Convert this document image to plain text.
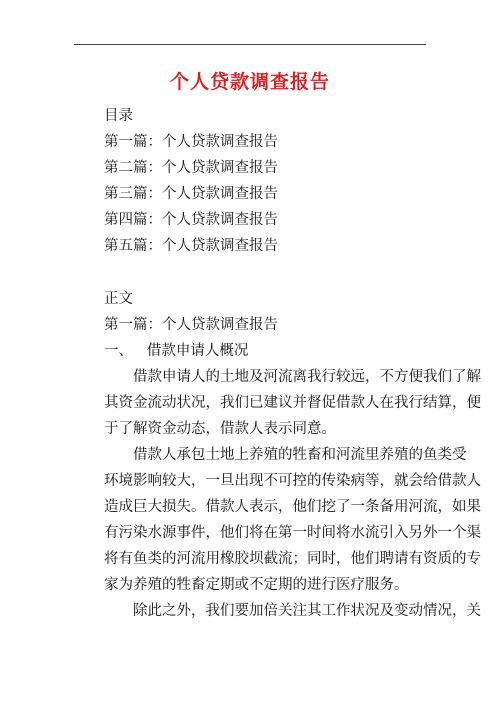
个人贷款调查报告
目录
第一篇：个人贷款调查报告
第二篇：个人贷款调查报告
第三篇：个人贷款调查报告
第四篇：个人贷款调查报告
第五篇：个人贷款调查报告
正文
第一篇：个人贷款调查报告
一、   借款申请人概况
借款申请人的土地及河流离我行较远，不方便我们了解
其资金流动状况，我们已建议并督促借款人在我行结算，便
于了解资金动态，借款人表示同意。
借款人承包土地上养殖的牲畜和河流里养殖的鱼类受
环境影响较大，一旦出现不可控的传染病等，就会给借款人
造成巨大损失。借款人表示，他们挖了一条备用河流，如果
有污染水源事件，他们将在第一时间将水流引入另外一个渠
将有鱼类的河流用橡胶坝截流；同时，他们聘请有资质的专
家为养殖的牲畜定期或不定期的进行医疗服务。
除此之外，我们要加倍关注其工作状况及变动情况，关
